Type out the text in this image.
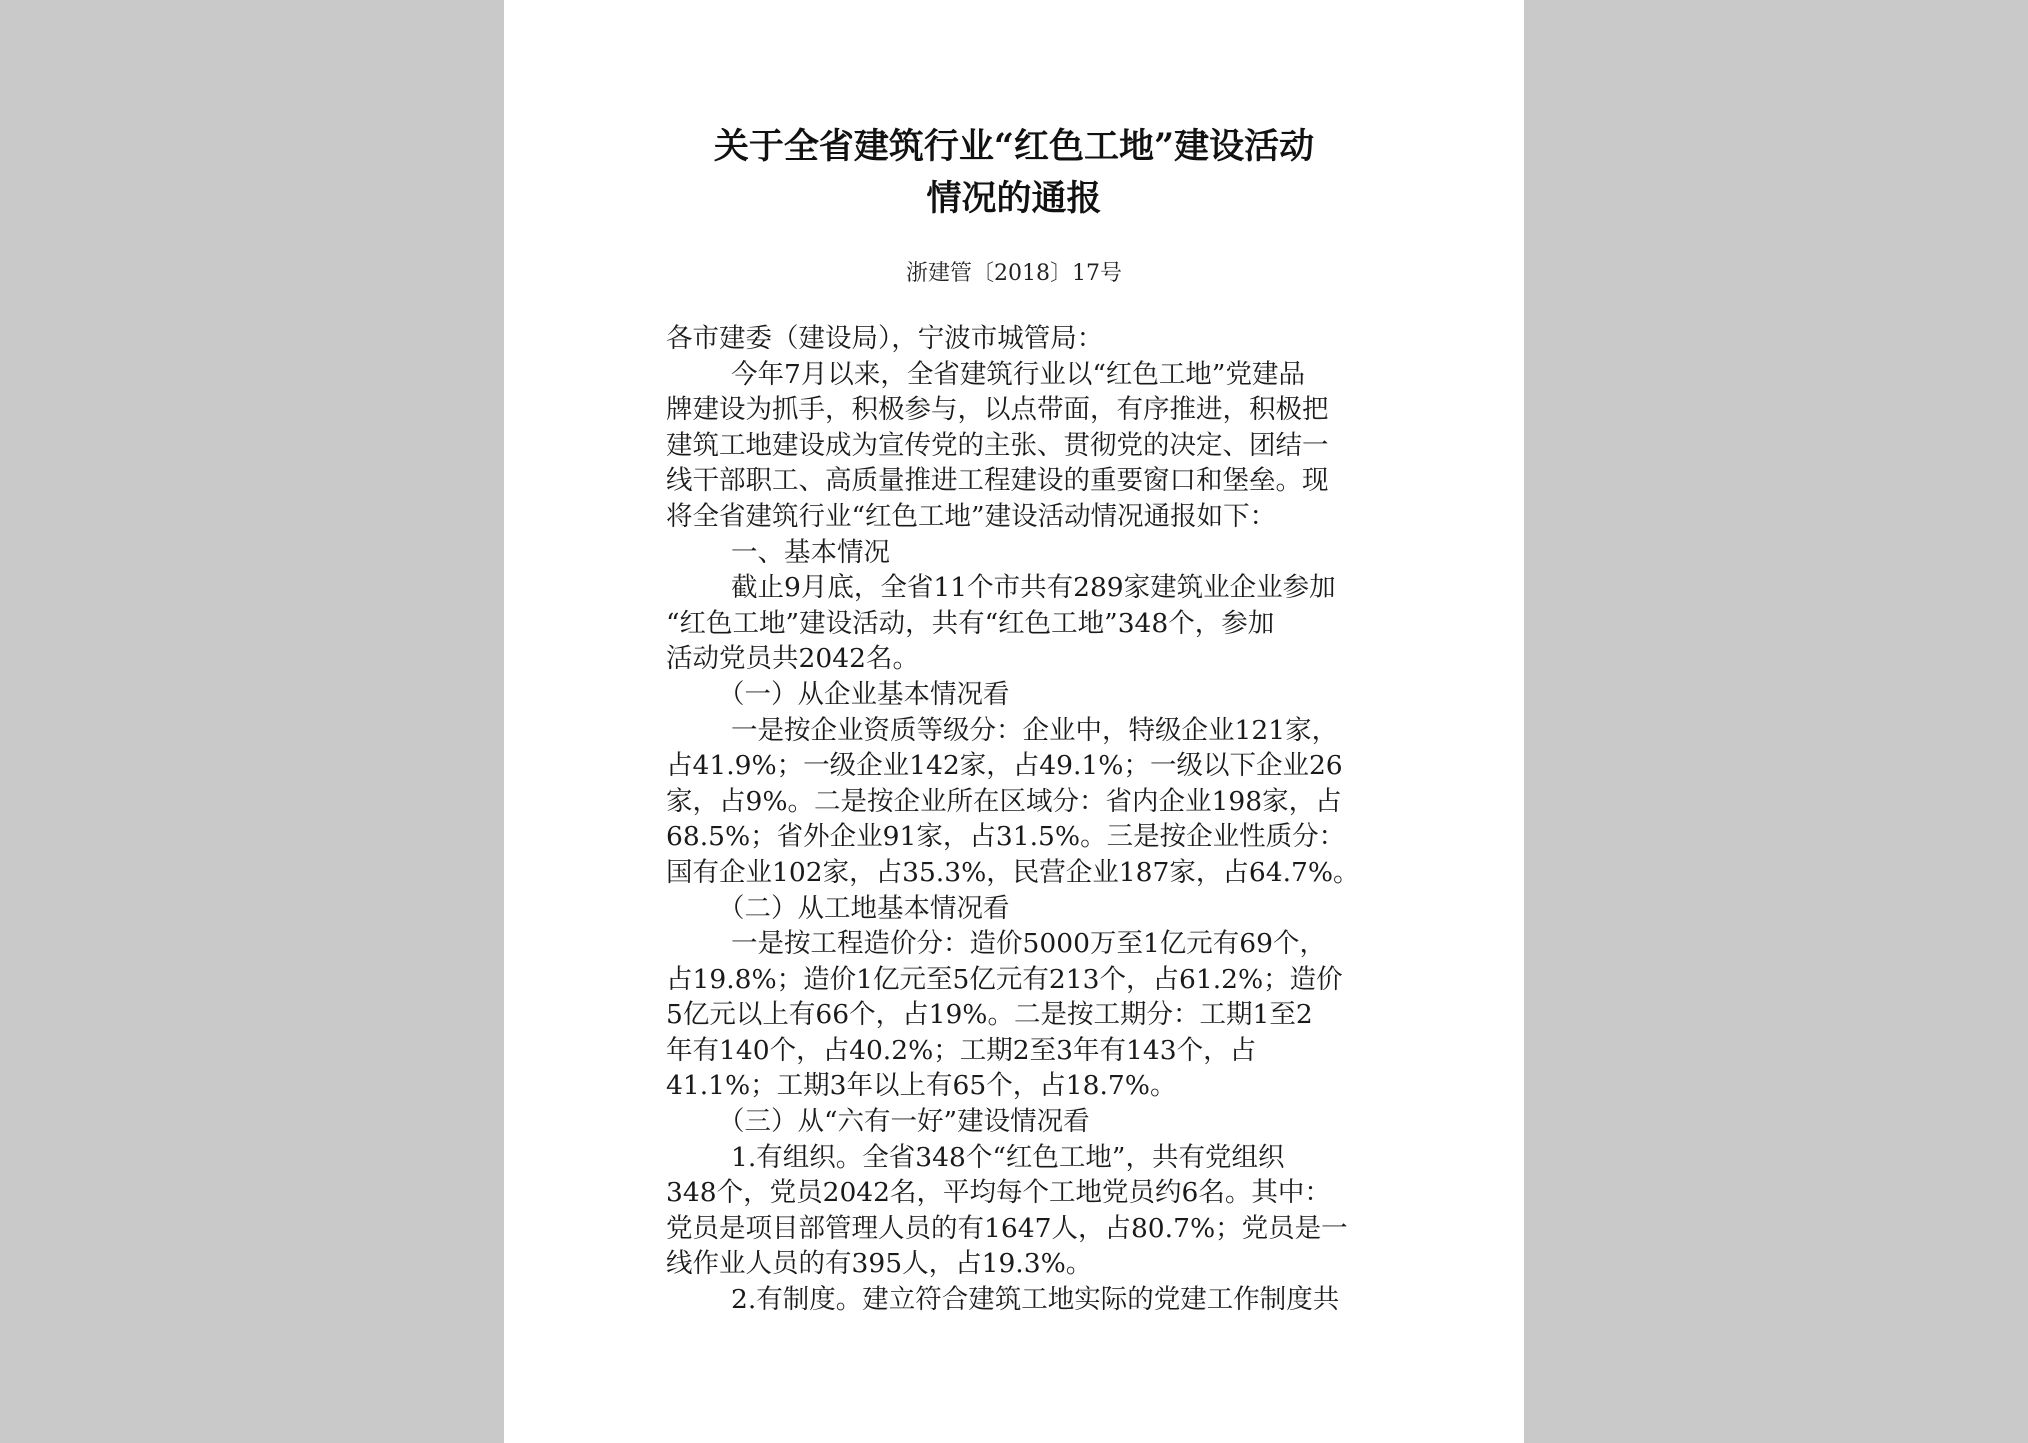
关于全省建筑行业“红色工地”建设活动
情况的通报

浙建管〔2018〕17号

各市建委（建设局），宁波市城管局：

今年7月以来，全省建筑行业以“红色工地”党建品

牌建设为抓手，积极参与，以点带面，有序推进，积极把

建筑工地建设成为宣传党的主张、贯彻党的决定、团结一

线干部职工、高质量推进工程建设的重要窗口和堡垒。现

将全省建筑行业“红色工地”建设活动情况通报如下：

一、基本情况

截止9月底，全省11个市共有289家建筑业企业参加

“红色工地”建设活动，共有“红色工地”348个，参加

活动党员共2042名。

（一）从企业基本情况看

一是按企业资质等级分：企业中，特级企业121家，

占41.9%；一级企业142家，占49.1%；一级以下企业26

家，占9%。二是按企业所在区域分：省内企业198家，占

68.5%；省外企业91家，占31.5%。三是按企业性质分：

国有企业102家，占35.3%，民营企业187家，占64.7%。

（二）从工地基本情况看

一是按工程造价分：造价5000万至1亿元有69个，

占19.8%；造价1亿元至5亿元有213个，占61.2%；造价

5亿元以上有66个，占19%。二是按工期分：工期1至2

年有140个，占40.2%；工期2至3年有143个，占

41.1%；工期3年以上有65个，占18.7%。

（三）从“六有一好”建设情况看

1.有组织。全省348个“红色工地”，共有党组织

348个，党员2042名，平均每个工地党员约6名。其中：

党员是项目部管理人员的有1647人，占80.7%；党员是一

线作业人员的有395人，占19.3%。

2.有制度。建立符合建筑工地实际的党建工作制度共
